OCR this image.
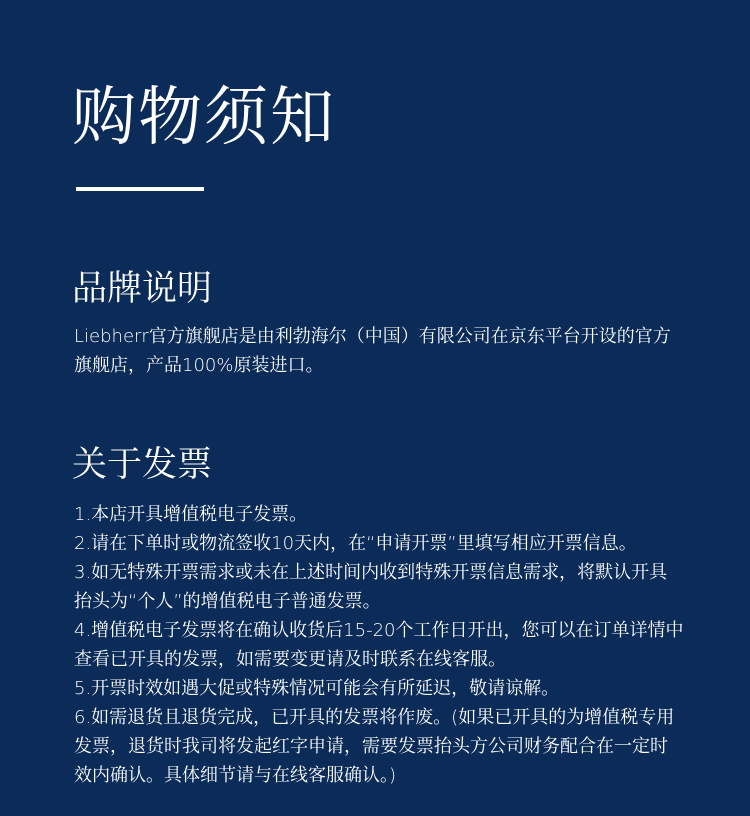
购物须知
品牌说明

Liebherr官方旗舰店是由利勃海尔（中国）有限公司在京东平台开设的官方旗舰店，产品100%原装进口。

关于发票
1.本店开具增值税电子发票。
2.请在下单时或物流签收10天内，在“申请开票”里填写相应开票信息。
3.如无特殊开票需求或未在上述时间内收到特殊开票信息需求，将默认开具抬头为“个人”的增值税电子普通发票。
4.增值税电子发票将在确认收货后15-20个工作日开出，您可以在订单详情中查看已开具的发票，如需要变更请及时联系在线客服。
5.开票时效如遇大促或特殊情况可能会有所延迟，敬请谅解。
6.如需退货且退货完成，已开具的发票将作废。(如果已开具的为增值税专用发票，退货时我司将发起红字申请，需要发票抬头方公司财务配合在一定时效内确认。具体细节请与在线客服确认。)
